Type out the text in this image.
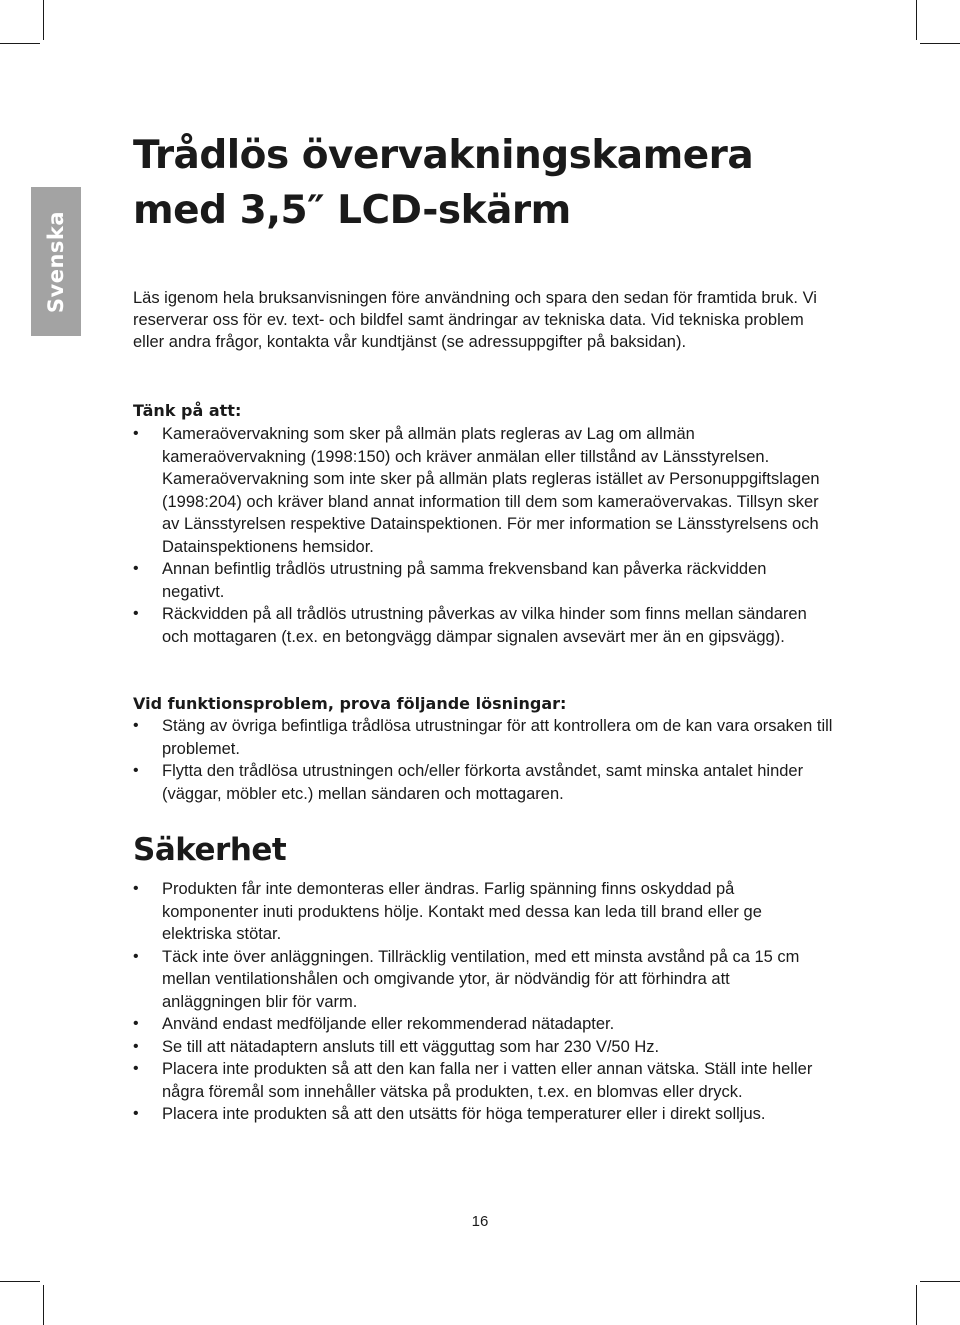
Svenska
Trådlös övervakningskamera
med 3,5″ LCD-skärm

Läs igenom hela bruksanvisningen före användning och spara den sedan för framtida bruk. Vi reserverar oss för ev. text- och bildfel samt ändringar av tekniska data. Vid tekniska problem eller andra frågor, kontakta vår kundtjänst (se adressuppgifter på baksidan).

Tänk på att:
• Kameraövervakning som sker på allmän plats regleras av Lag om allmän kameraövervakning (1998:150) och kräver anmälan eller tillstånd av Länsstyrelsen. Kameraövervakning som inte sker på allmän plats regleras istället av Personuppgiftslagen (1998:204) och kräver bland annat information till dem som kameraövervakas. Tillsyn sker av Länsstyrelsen respektive Datainspektionen. För mer information se Länsstyrelsens och Datainspektionens hemsidor.
• Annan befintlig trådlös utrustning på samma frekvensband kan påverka räckvidden negativt.
• Räckvidden på all trådlös utrustning påverkas av vilka hinder som finns mellan sändaren och mottagaren (t.ex. en betongvägg dämpar signalen avsevärt mer än en gipsvägg).
Vid funktionsproblem, prova följande lösningar:
• Stäng av övriga befintliga trådlösa utrustningar för att kontrollera om de kan vara orsaken till problemet.
• Flytta den trådlösa utrustningen och/eller förkorta avståndet, samt minska antalet hinder (väggar, möbler etc.) mellan sändaren och mottagaren.
Säkerhet
• Produkten får inte demonteras eller ändras. Farlig spänning finns oskyddad på komponenter inuti produktens hölje. Kontakt med dessa kan leda till brand eller ge elektriska stötar.
• Täck inte över anläggningen. Tillräcklig ventilation, med ett minsta avstånd på ca 15 cm mellan ventilationshålen och omgivande ytor, är nödvändig för att förhindra att anläggningen blir för varm.
• Använd endast medföljande eller rekommenderad nätadapter.
• Se till att nätadaptern ansluts till ett vägguttag som har 230 V/50 Hz.
• Placera inte produkten så att den kan falla ner i vatten eller annan vätska. Ställ inte heller några föremål som innehåller vätska på produkten, t.ex. en blomvas eller dryck.
• Placera inte produkten så att den utsätts för höga temperaturer eller i direkt solljus.
16
